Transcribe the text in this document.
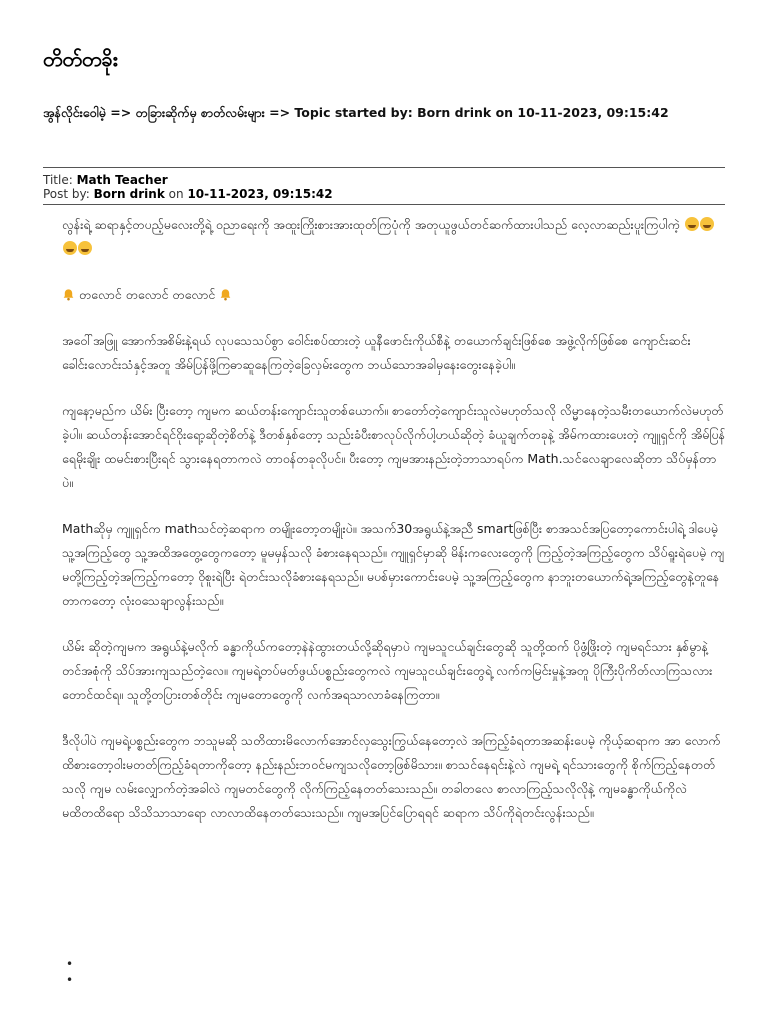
တိတ်တခိုး
အွန်လိုင်းဝေါမဲ့ => တခြားဆိုက်မှ စာတ်လမ်းများ => Topic started by: Born drink on 10-11-2023, 09:15:42
Title: Math Teacher
Post by: Born drink on 10-11-2023, 09:15:42

လွန်းရဲ့ ဆရာနှင့်တပည့်မလေးတို့ရဲ့ ဝညာရေးကို အထူးကြိုးစားအားထုတ်ကြပုံကို အတုယူဖွယ်တင်ဆက်ထားပါသည် လေ့လာဆည်းပူးကြပါကဲ့

တလောင် တလောင် တလောင်

အဝေါ်အဖြူ အောက်အစိမ်းနဲ့ရယ် လုပသေသပ်စွာ ဝေါင်းစပ်ထားတဲ့ ယူနီဖောင်းကိုယ်စီနဲ့ တယောက်ချင်းဖြစ်စေ အဖွဲ့လိုက်ဖြစ်စေ ကျောင်းဆင်းခေါင်းလောင်းသံနှင့်အတူ အိမ်ပြန်ဖို့ကြဓာဆူနေကြတဲ့ခြေလှမ်းတွေက ဘယ်သောအခါမှနေးတွေးနေခဲ့ပါ။

ကျနော့မည်က ယိမ်း ပြီးတော့ ကျမက ဆယ်တန်းကျောင်းသူတစ်ယောက်။ စာတော်တဲ့ကျောင်းသူလဲမဟုတ်သလို လိမ္မာနေတဲ့သမီးတယောက်လဲမဟုတ်ခဲ့ပါ။ ဆယ်တန်းအောင်ရင်ဝိုးရော့ဆိုတဲ့စိတ်နဲ့ ဒီတစ်နှစ်တော့ သည်းခံပီးစာလုပ်လိုက်ပါ့ဟယ်ဆိုတဲ့ ခံယူချက်တခုနဲ့ အိမ်ကထားပေးတဲ့ ကျူရှင်ကို အိမ်ပြန်ရေမိုးချိုး ထမင်းစားပြီးရင် သွားနေရတာကလဲ တာဝန်တခုလိုပင်။ ပီးတော့ ကျမအားနည်းတဲ့ဘာသာရပ်က Math.သင်လေချာလေဆိုတာ သိပ်မှန်တာပဲ။

Mathဆိုမှ ကျူရှင်က mathသင်တဲ့ဆရာက တမျိုးတော့တမျိုးပဲ။ အသက်30အရွယ်နဲ့အညီ smartဖြစ်ပြီး စာအသင်အပြတော့ကောင်းပါရဲ့ ဒါပေမဲ့ သူ့အကြည့်တွေ သူ့အထိအတွေ့တွေကတော့ မူမမှန်သလို ခံစားနေရသည်။ ကျူရှင်မှာဆို မိန်းကလေးတွေကို ကြည့်တဲ့အကြည့်တွေက သိပ်ရူးရဲပေမဲ့ ကျမတို့ကြည့်တဲ့အကြည့်ကတော့ ဝိုစူးရဲပြီး ရဲတင်းသလိုခံစားနေရသည်။ မပစ်မှားကောင်းပေမဲ့ သူ့အကြည့်တွေက နာဘူးတယောက်ရဲ့အကြည့်တွေနဲ့တူနေတာကတော့ လုံးဝသေချာလွန်းသည်။

ယိမ်း ဆိုတဲ့ကျမက အရွယ်နဲ့မလိုက် ခန္ဓာကိုယ်ကတော့နဲနဲထွားတယ်လို့ဆိုရမှာပဲ ကျမသူငယ်ချင်းတွေဆို သူတို့ထက် ပိုဖွံ့ဖြိုးတဲ့ ကျမရင်သား နှစ်မွာနဲ့ တင်အစုံကို သိပ်အားကျသည်တဲ့လေ။ ကျမရဲ့တပ်မတ်ဖွယ်ပစ္စည်းတွေကလဲ ကျမသူငယ်ချင်းတွေရဲ့ လက်ကမြင်းမှုနဲ့အတူ ပိုကြီးပိုကိတ်လာကြသလားတောင်ထင်ရ။ သူတို့တပြားတစ်တိုင်း ကျမတောတွေကို လက်အရသာလာခံနေကြတာ။

ဒီလိုပါပဲ ကျမရဲ့ပစ္စည်းတွေက ဘသူမဆို သတိထားမိလောက်အောင်လှသွေးကြွယ်နေတော့လဲ အကြည့်ခံရတာအဆန်းပေမဲ့ ကိုယ့်ဆရာက အာ လောက်ထိစားတော့ဝါးမတတ်ကြည့်ခံရတာကိုတော့ နည်းနည်းဘဝင်မကျသလိုတော့ဖြစ်မိသား။ စာသင်နေရင်းနဲ့လဲ ကျမရဲ့ ရင်သားတွေကို စိုက်ကြည့်နေတတ်သလို ကျမ လမ်းလျှောက်တဲ့အခါလဲ ကျမတင်တွေကို လိုက်ကြည့်နေတတ်သေးသည်။ တခါတလေ စာလာကြည့်သလိုလိုနဲ့ ကျမခန္ဓာကိုယ်ကိုလဲ မထိတထိရော သိသိသာသာရော လာလာထိနေတတ်သေးသည်။ ကျမအပြင်ပြောရရင် ဆရာက သိပ်ကိုရဲတင်းလွန်းသည်။

•
•
